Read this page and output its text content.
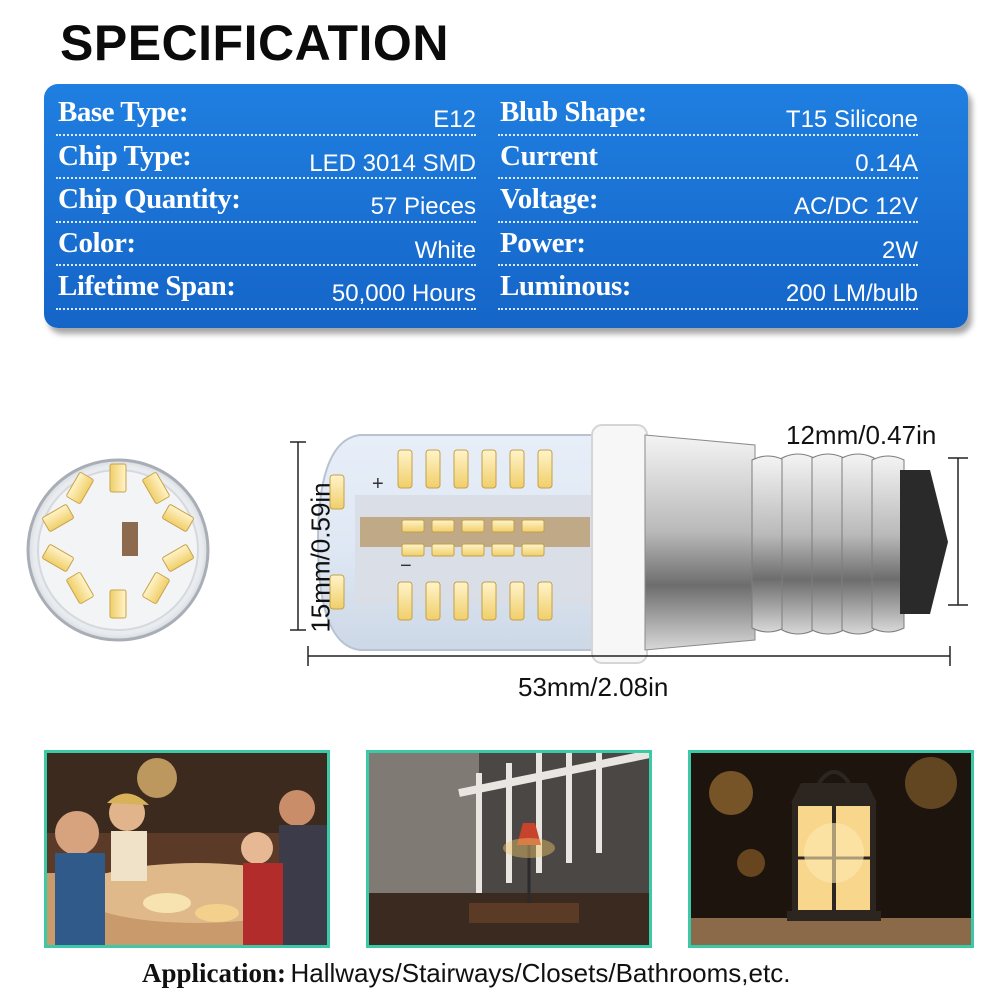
SPECIFICATION
Base Type:	E12
Chip Type:	LED 3014 SMD
Chip Quantity:	57 Pieces
Color:	White
Lifetime Span:	50,000 Hours
Blub Shape:	T15 Silicone
Current	0.14A
Voltage:	AC/DC 12V
Power:	2W
Luminous:	200 LM/bulb
+
−
12mm/0.47in
15mm/0.59in
53mm/2.08in
Application: Hallways/Stairways/Closets/Bathrooms,etc.
